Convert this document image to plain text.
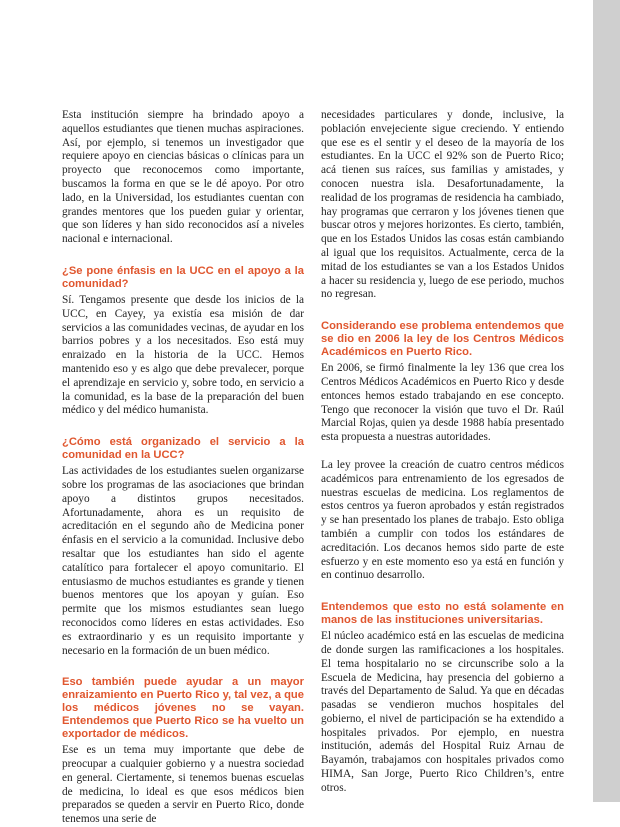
Esta institución siempre ha brindado apoyo a aquellos estudiantes que tienen muchas aspiraciones. Así, por ejemplo, si tenemos un investigador que requiere apoyo en ciencias básicas o clínicas para un proyecto que reconocemos como importante, buscamos la forma en que se le dé apoyo. Por otro lado, en la Universidad, los estudiantes cuentan con grandes mentores que los pueden guiar y orientar, que son líderes y han sido reconocidos así a niveles nacional e internacional.

¿Se pone énfasis en la UCC en el apoyo a la comunidad?

Sí. Tengamos presente que desde los inicios de la UCC, en Cayey, ya existía esa misión de dar servicios a las comunidades vecinas, de ayudar en los barrios pobres y a los necesitados. Eso está muy enraizado en la historia de la UCC. Hemos mantenido eso y es algo que debe prevalecer, porque el aprendizaje en servicio y, sobre todo, en servicio a la comunidad, es la base de la preparación del buen médico y del médico humanista.

¿Cómo está organizado el servicio a la comunidad en la UCC?

Las actividades de los estudiantes suelen organizarse sobre los programas de las asociaciones que brindan apoyo a distintos grupos necesitados. Afortunadamente, ahora es un requisito de acreditación en el segundo año de Medicina poner énfasis en el servicio a la comunidad. Inclusive debo resaltar que los estudiantes han sido el agente catalítico para fortalecer el apoyo comunitario. El entusiasmo de muchos estudiantes es grande y tienen buenos mentores que los apoyan y guían. Eso permite que los mismos estudiantes sean luego reconocidos como líderes en estas actividades. Eso es extraordinario y es un requisito importante y necesario en la formación de un buen médico.

Eso también puede ayudar a un mayor enraizamiento en Puerto Rico y, tal vez, a que los médicos jóvenes no se vayan. Entendemos que Puerto Rico se ha vuelto un exportador de médicos.

Ese es un tema muy importante que debe de preocupar a cualquier gobierno y a nuestra sociedad en general. Ciertamente, si tenemos buenas escuelas de medicina, lo ideal es que esos médicos bien preparados se queden a servir en Puerto Rico, donde tenemos una serie de

necesidades particulares y donde, inclusive, la población envejeciente sigue creciendo. Y entiendo que ese es el sentir y el deseo de la mayoría de los estudiantes. En la UCC el 92% son de Puerto Rico; acá tienen sus raíces, sus familias y amistades, y conocen nuestra isla. Desafortunadamente, la realidad de los programas de residencia ha cambiado, hay programas que cerraron y los jóvenes tienen que buscar otros y mejores horizontes. Es cierto, también, que en los Estados Unidos las cosas están cambiando al igual que los requisitos. Actualmente, cerca de la mitad de los estudiantes se van a los Estados Unidos a hacer su residencia y, luego de ese periodo, muchos no regresan.

Considerando ese problema entendemos que se dio en 2006 la ley de los Centros Médicos Académicos en Puerto Rico.

En 2006, se firmó finalmente la ley 136 que crea los Centros Médicos Académicos en Puerto Rico y desde entonces hemos estado trabajando en ese concepto. Tengo que reconocer la visión que tuvo el Dr. Raúl Marcial Rojas, quien ya desde 1988 había presentado esta propuesta a nuestras autoridades.

La ley provee la creación de cuatro centros médicos académicos para entrenamiento de los egresados de nuestras escuelas de medicina. Los reglamentos de estos centros ya fueron aprobados y están registrados y se han presentado los planes de trabajo. Esto obliga también a cumplir con todos los estándares de acreditación. Los decanos hemos sido parte de este esfuerzo y en este momento eso ya está en función y en continuo desarrollo.

Entendemos que esto no está solamente en manos de las instituciones universitarias.

El núcleo académico está en las escuelas de medicina de donde surgen las ramificaciones a los hospitales. El tema hospitalario no se circunscribe solo a la Escuela de Medicina, hay presencia del gobierno a través del Departamento de Salud. Ya que en décadas pasadas se vendieron muchos hospitales del gobierno, el nivel de participación se ha extendido a hospitales privados. Por ejemplo, en nuestra institución, además del Hospital Ruiz Arnau de Bayamón, trabajamos con hospitales privados como HIMA, San Jorge, Puerto Rico Children’s, entre otros.
